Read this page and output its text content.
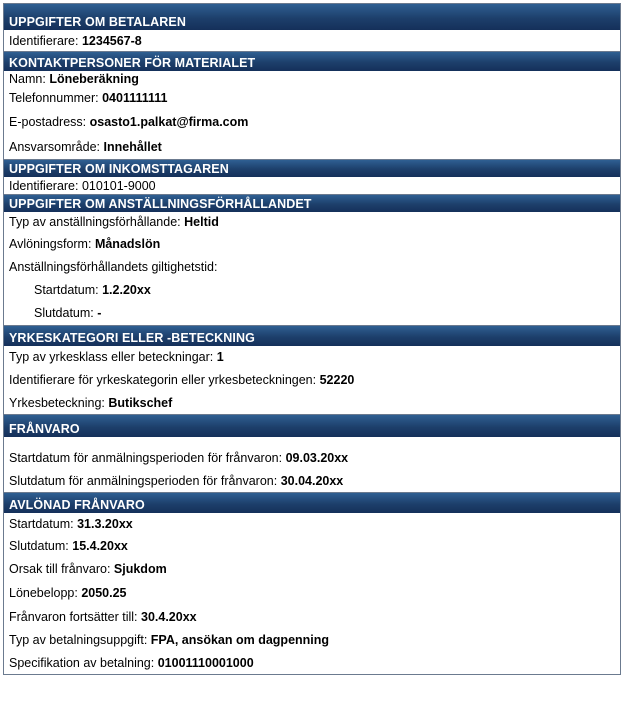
UPPGIFTER OM BETALAREN
Identifierare:
1234567-8
KONTAKTPERSONER FÖR MATERIALET
Namn:
Löneberäkning
Telefonnummer:
0401111111
E-postadress:
osasto1.palkat@firma.com
Ansvarsområde:
Innehållet
UPPGIFTER OM INKOMSTTAGAREN
Identifierare: 010101-9000
UPPGIFTER OM ANSTÄLLNINGSFÖRHÅLLANDET
Typ av anställningsförhållande:
Heltid
Avlöningsform:
Månadslön
Anställningsförhållandets giltighetstid:
Startdatum:
1.2.20xx
Slutdatum:
-
YRKESKATEGORI ELLER -BETECKNING
Typ av yrkesklass eller beteckningar:
1
Identifierare för yrkeskategorin eller yrkesbeteckningen:
52220
Yrkesbeteckning:
Butikschef
FRÅNVARO
Startdatum för anmälningsperioden för frånvaron:
09.03.20xx
Slutdatum för anmälningsperioden för frånvaron:
30.04.20xx
AVLÖNAD FRÅNVARO
Startdatum:
31.3.20xx
Slutdatum:
15.4.20xx
Orsak till frånvaro:
Sjukdom
Lönebelopp:
2050.25
Frånvaron fortsätter till:
30.4.20xx
Typ av betalningsuppgift:
FPA, ansökan om dagpenning
Specifikation av betalning:
01001110001000
